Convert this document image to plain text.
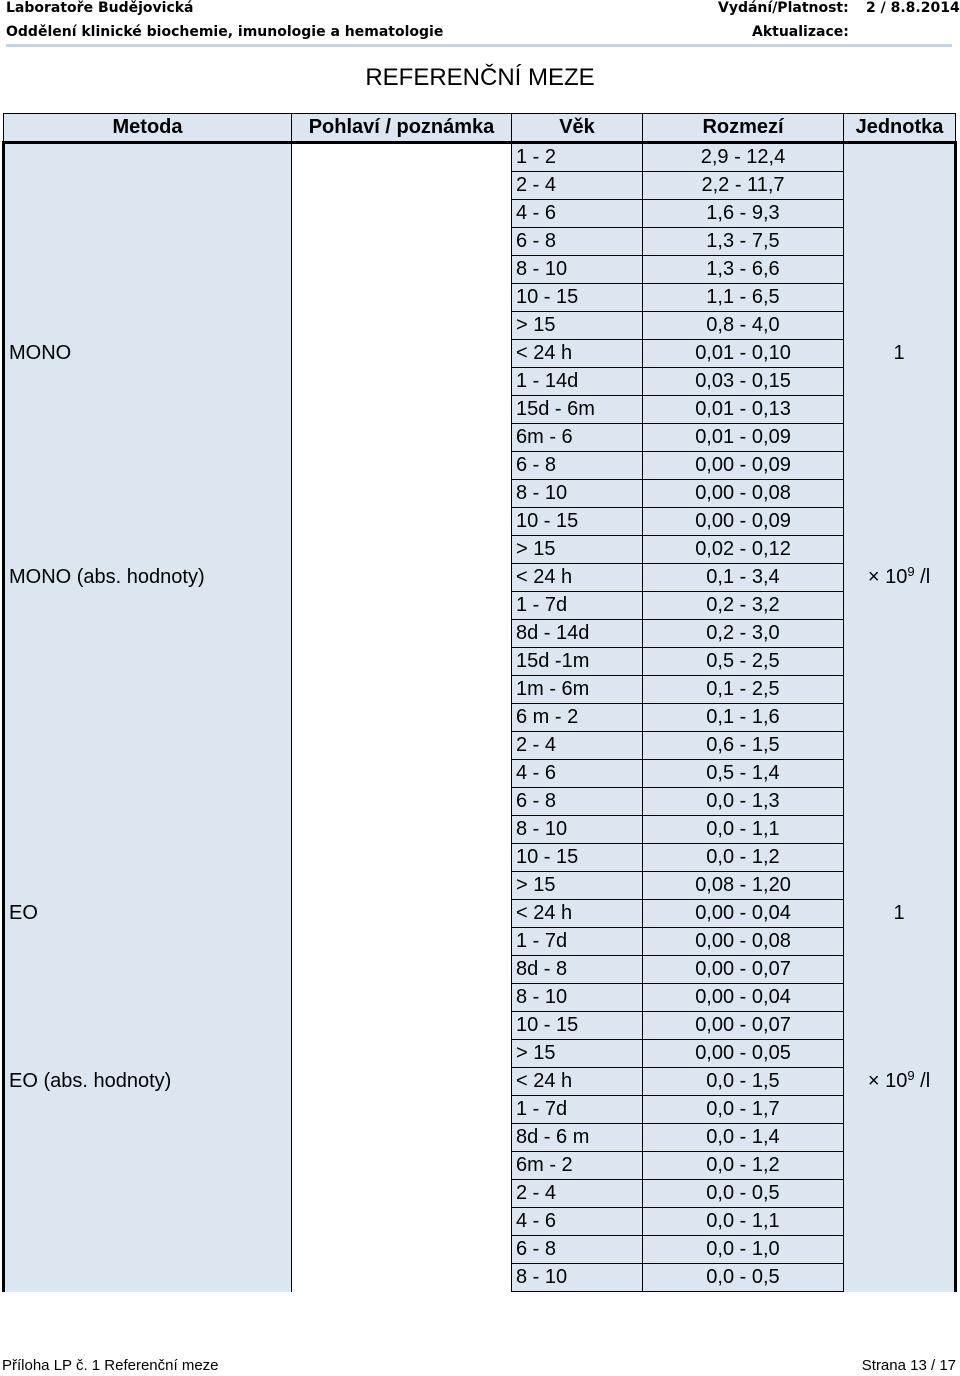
Laboratoře Budějovická
Oddělení klinické biochemie, imunologie a hematologie
Vydání/Platnost: 2 / 8.8.2014
Aktualizace:
REFERENČNÍ MEZE
Metoda	Pohlaví / poznámka	Věk	Rozmezí	Jednotka
		1 - 2	2,9 - 12,4	
		2 - 4	2,2 - 11,7	
		4 - 6	1,6 - 9,3	
		6 - 8	1,3 - 7,5	
		8 - 10	1,3 - 6,6	
		10 - 15	1,1 - 6,5	
		> 15	0,8 - 4,0	
MONO		< 24 h	0,01 - 0,10	1
		1 - 14d	0,03 - 0,15	
		15d - 6m	0,01 - 0,13	
		6m - 6	0,01 - 0,09	
		6 - 8	0,00 - 0,09	
		8 - 10	0,00 - 0,08	
		10 - 15	0,00 - 0,09	
		> 15	0,02 - 0,12	
MONO (abs. hodnoty)		< 24 h	0,1 - 3,4	× $10^9$ /l
		1 - 7d	0,2 - 3,2	
		8d - 14d	0,2 - 3,0	
		15d -1m	0,5 - 2,5	
		1m - 6m	0,1 - 2,5	
		6 m - 2	0,1 - 1,6	
		2 - 4	0,6 - 1,5	
		4 - 6	0,5 - 1,4	
		6 - 8	0,0 - 1,3	
		8 - 10	0,0 - 1,1	
		10 - 15	0,0 - 1,2	
		> 15	0,08 - 1,20	
EO		< 24 h	0,00 - 0,04	1
		1 - 7d	0,00 - 0,08	
		8d - 8	0,00 - 0,07	
		8 - 10	0,00 - 0,04	
		10 - 15	0,00 - 0,07	
		> 15	0,00 - 0,05	
EO (abs. hodnoty)		< 24 h	0,0 - 1,5	× $10^9$ /l
		1 - 7d	0,0 - 1,7	
		8d - 6 m	0,0 - 1,4	
		6m - 2	0,0 - 1,2	
		2 - 4	0,0 - 0,5	
		4 - 6	0,0 - 1,1	
		6 - 8	0,0 - 1,0	
		8 - 10	0,0 - 0,5	
Příloha LP č. 1 Referenční meze	Strana 13 / 17
